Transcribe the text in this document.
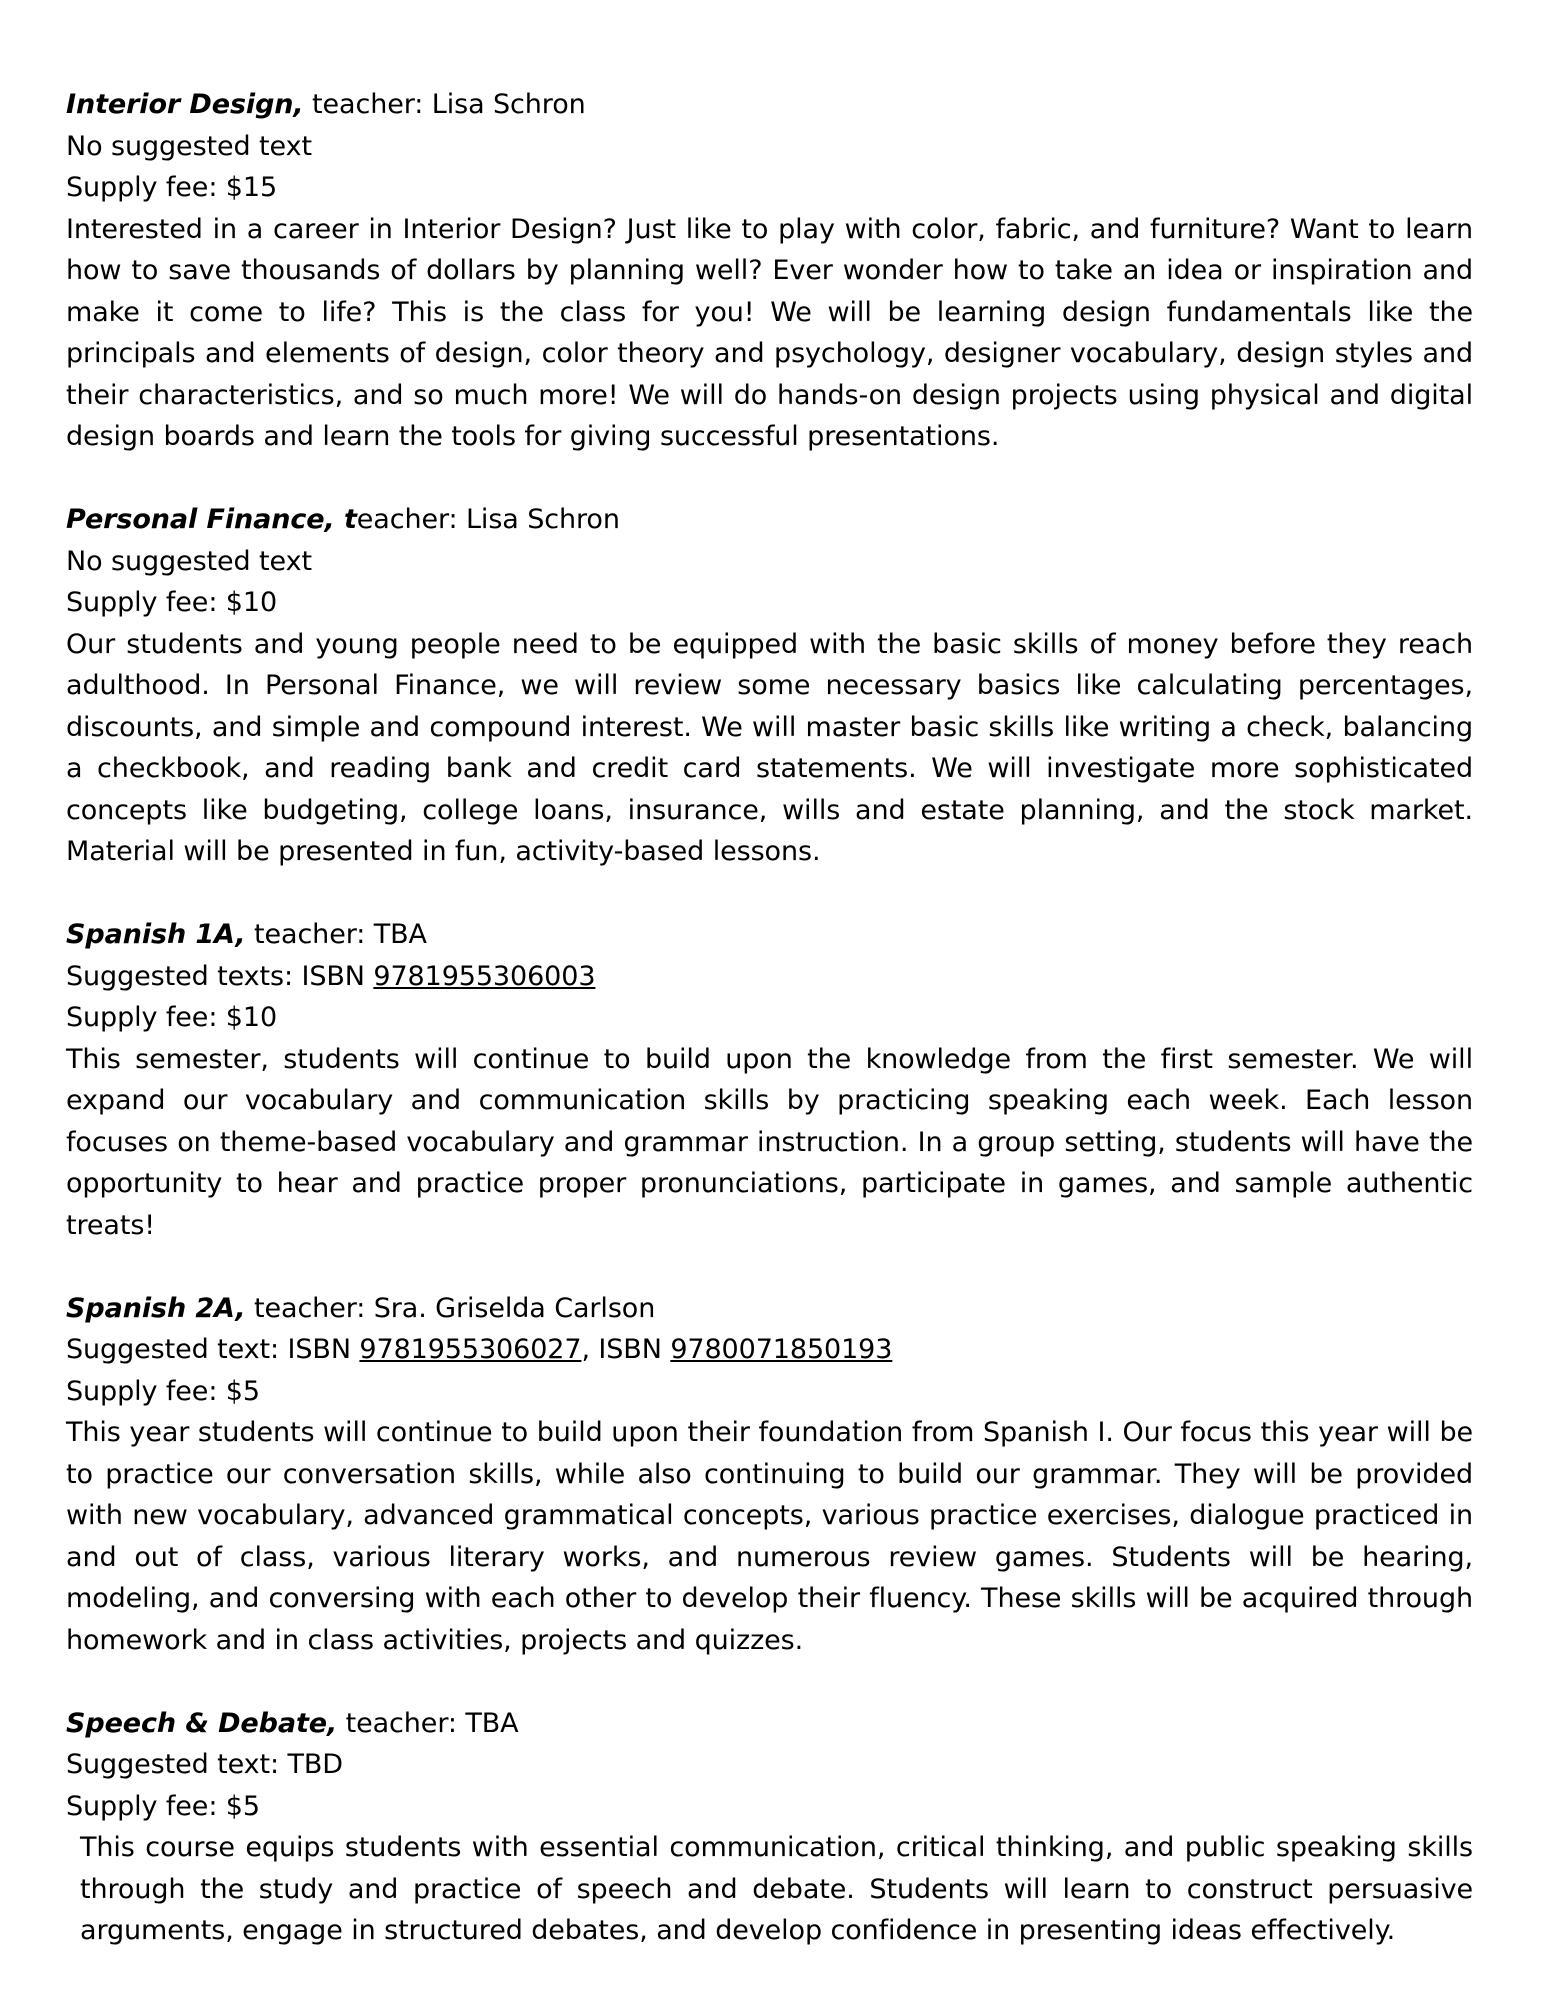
Interior Design, teacher: Lisa Schron
No suggested text
Supply fee: $15
Interested in a career in Interior Design? Just like to play with color, fabric, and furniture? Want to learn how to save thousands of dollars by planning well? Ever wonder how to take an idea or inspiration and make it come to life? This is the class for you! We will be learning design fundamentals like the principals and elements of design, color theory and psychology, designer vocabulary, design styles and their characteristics, and so much more! We will do hands-on design projects using physical and digital design boards and learn the tools for giving successful presentations.
Personal Finance, teacher: Lisa Schron
No suggested text
Supply fee: $10
Our students and young people need to be equipped with the basic skills of money before they reach adulthood. In Personal Finance, we will review some necessary basics like calculating percentages, discounts, and simple and compound interest. We will master basic skills like writing a check, balancing a checkbook, and reading bank and credit card statements. We will investigate more sophisticated concepts like budgeting, college loans, insurance, wills and estate planning, and the stock market. Material will be presented in fun, activity-based lessons.
Spanish 1A, teacher: TBA
Suggested texts: ISBN 9781955306003
Supply fee: $10
This semester, students will continue to build upon the knowledge from the first semester. We will expand our vocabulary and communication skills by practicing speaking each week. Each lesson focuses on theme-based vocabulary and grammar instruction. In a group setting, students will have the opportunity to hear and practice proper pronunciations, participate in games, and sample authentic treats!
Spanish 2A, teacher: Sra. Griselda Carlson
Suggested text: ISBN 9781955306027, ISBN 9780071850193
Supply fee: $5
This year students will continue to build upon their foundation from Spanish I. Our focus this year will be to practice our conversation skills, while also continuing to build our grammar. They will be provided with new vocabulary, advanced grammatical concepts, various practice exercises, dialogue practiced in and out of class, various literary works, and numerous review games. Students will be hearing, modeling, and conversing with each other to develop their fluency. These skills will be acquired through homework and in class activities, projects and quizzes.
Speech & Debate, teacher: TBA
Suggested text: TBD
Supply fee: $5
This course equips students with essential communication, critical thinking, and public speaking skills through the study and practice of speech and debate. Students will learn to construct persuasive arguments, engage in structured debates, and develop confidence in presenting ideas effectively.
